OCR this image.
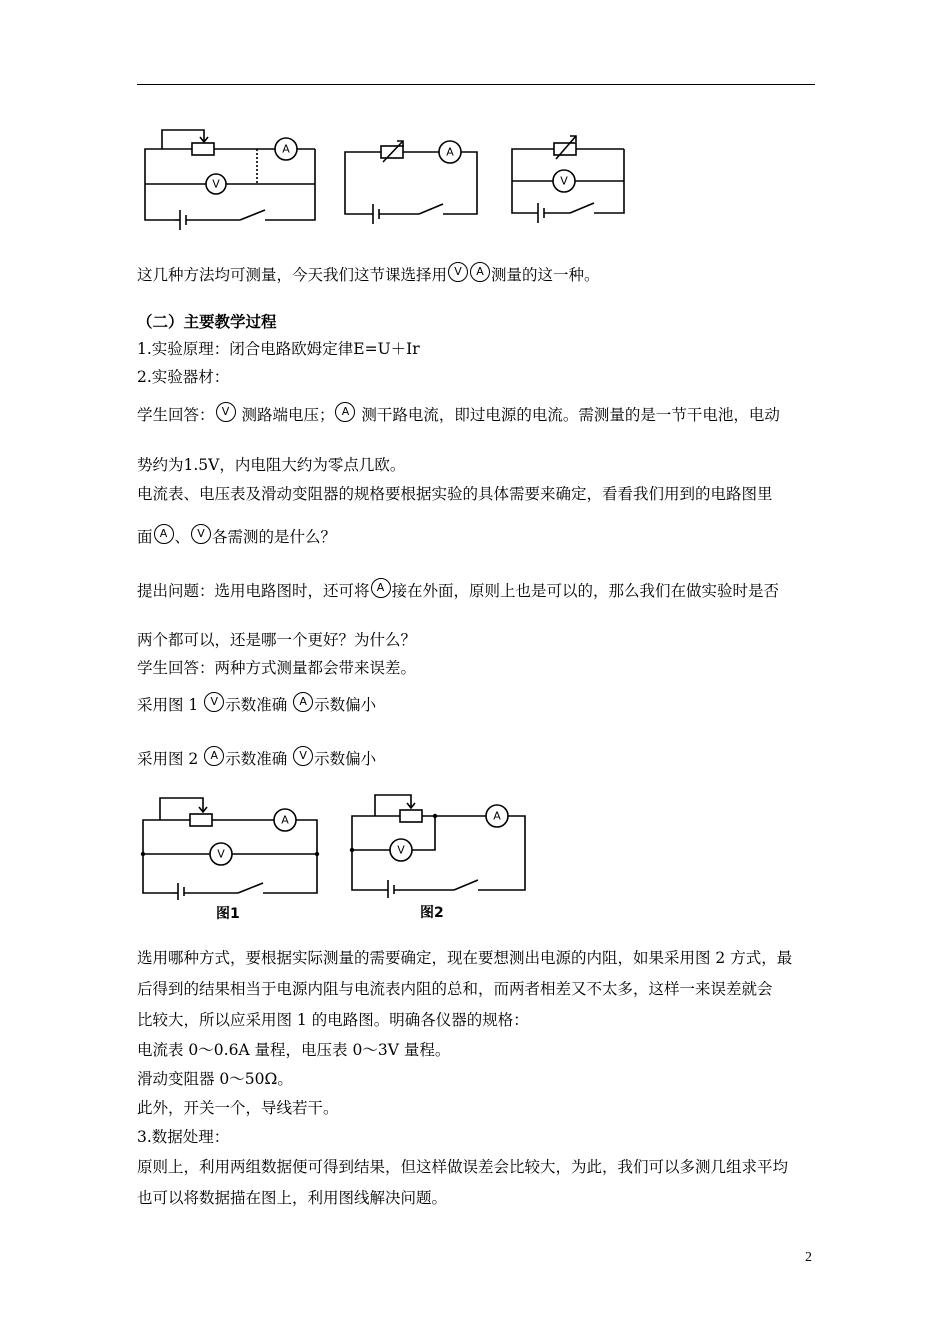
A
V
A
V
这几种方法均可测量，今天我们这节课选择用 V A 测量的这一种。
（二）主要教学过程
1.实验原理：闭合电路欧姆定律E=U＋Ir
2.实验器材：
学生回答： V 测路端电压； A 测干路电流，即过电源的电流。需测量的是一节干电池，电动
势约为1.5V，内电阻大约为零点几欧。
电流表、电压表及滑动变阻器的规格要根据实验的具体需要来确定，看看我们用到的电路图里
面 A 、 V 各需测的是什么？
提出问题：选用电路图时，还可将 A 接在外面，原则上也是可以的，那么我们在做实验时是否
两个都可以，还是哪一个更好？为什么？
学生回答：两种方式测量都会带来误差。
采用图 1 V 示数准确 A 示数偏小
采用图 2 A 示数准确 V 示数偏小
A
V
图1
V
A
图2
选用哪种方式，要根据实际测量的需要确定，现在要想测出电源的内阻，如果采用图 2 方式，最
后得到的结果相当于电源内阻与电流表内阻的总和，而两者相差又不太多，这样一来误差就会
比较大，所以应采用图 1 的电路图。明确各仪器的规格：
电流表 0～0.6A 量程，电压表 0～3V 量程。
滑动变阻器 0～50Ω。
此外，开关一个，导线若干。
3.数据处理：
原则上，利用两组数据便可得到结果，但这样做误差会比较大，为此，我们可以多测几组求平均
也可以将数据描在图上，利用图线解决问题。
2
